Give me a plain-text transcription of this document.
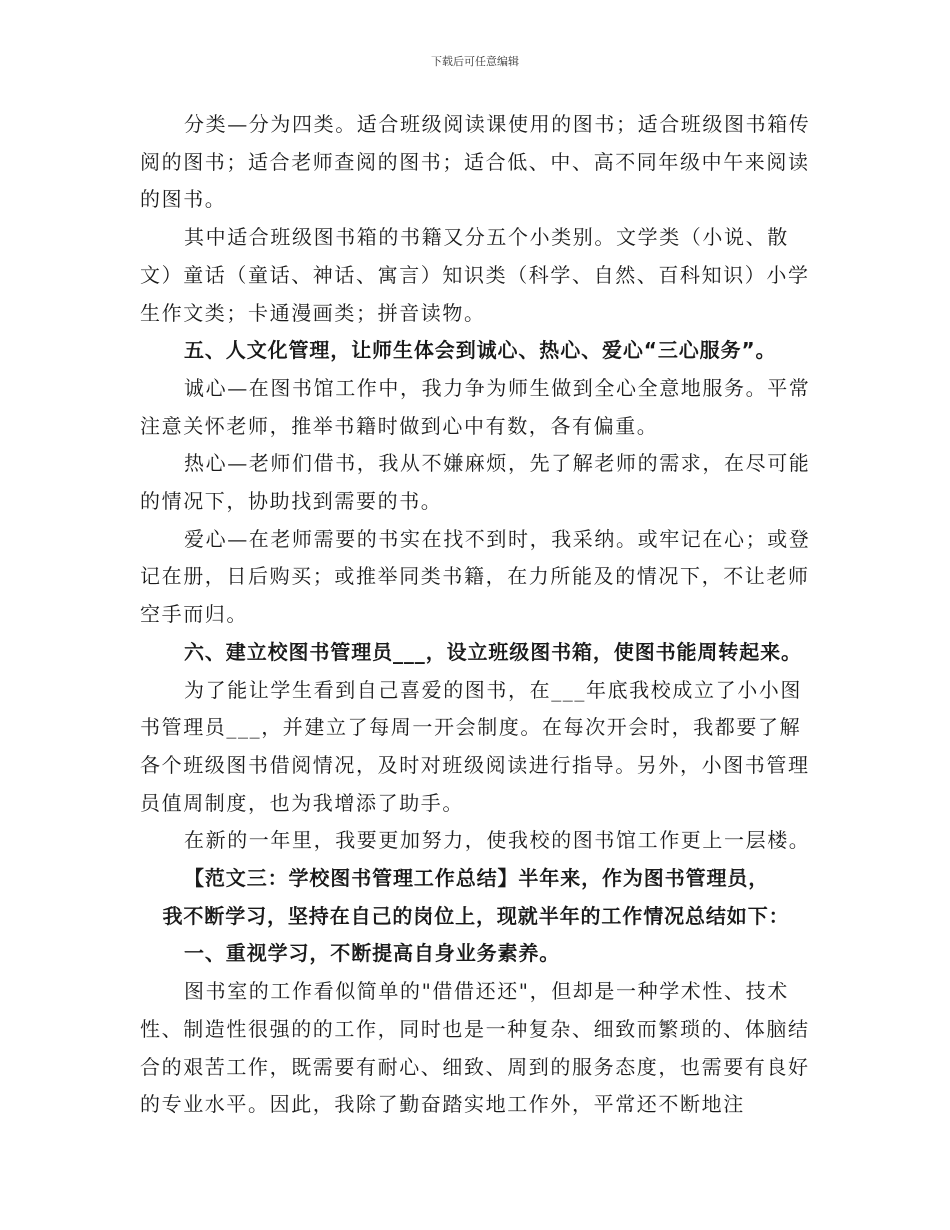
下载后可任意编辑

分类—分为四类。适合班级阅读课使用的图书；适合班级图书箱传阅的图书；适合老师查阅的图书；适合低、中、高不同年级中午来阅读的图书。

其中适合班级图书箱的书籍又分五个小类别。文学类（小说、散文）童话（童话、神话、寓言）知识类（科学、自然、百科知识）小学生作文类；卡通漫画类；拼音读物。

五、人文化管理，让师生体会到诚心、热心、爱心“三心服务”。

诚心—在图书馆工作中，我力争为师生做到全心全意地服务。平常注意关怀老师，推举书籍时做到心中有数，各有偏重。

热心—老师们借书，我从不嫌麻烦，先了解老师的需求，在尽可能的情况下，协助找到需要的书。

爱心—在老师需要的书实在找不到时，我采纳。或牢记在心；或登记在册，日后购买；或推举同类书籍，在力所能及的情况下，不让老师空手而归。

六、建立校图书管理员___，设立班级图书箱，使图书能周转起来。

为了能让学生看到自己喜爱的图书，在___年底我校成立了小小图书管理员___，并建立了每周一开会制度。在每次开会时，我都要了解各个班级图书借阅情况，及时对班级阅读进行指导。另外，小图书管理员值周制度，也为我增添了助手。

在新的一年里，我要更加努力，使我校的图书馆工作更上一层楼。

【范文三：学校图书管理工作总结】半年来，作为图书管理员，

我不断学习，坚持在自己的岗位上，现就半年的工作情况总结如下：

一、重视学习，不断提高自身业务素养。

图书室的工作看似简单的"借借还还"，但却是一种学术性、技术性、制造性很强的的工作，同时也是一种复杂、细致而繁琐的、体脑结合的艰苦工作，既需要有耐心、细致、周到的服务态度，也需要有良好的专业水平。因此，我除了勤奋踏实地工作外，平常还不断地注
